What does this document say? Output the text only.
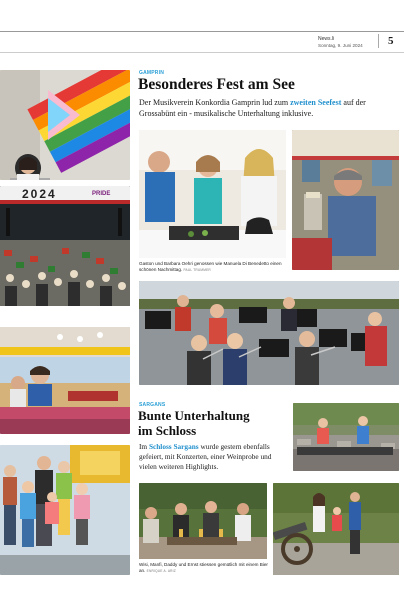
News.li
Sonntag, 9. Juni 2024 5
2024	PRIDE
GAMPRIN
Besonderes Fest am See
Der Musikverein Konkordia Gamprin lud zum zweiten Seefest auf der Grossabünt ein - musikalische Unterhaltung inklusive.
Gaston und Barbara Oehri genossen wie Manuela Di Benedetto einen schönen Nachmittag. PAUL TRUMMER
SARGANS
Bunte Unterhaltung
im Schloss
Im Schloss Sargans wurde gestern ebenfalls gefeiert, mit Konzerten, einer Weinprobe und vielen weiteren Highlights.
Wisi, Manfi, Daddy und Ernst stiessen gemütlich mit einem Bier an. ENRIQUE A. ARIZ
